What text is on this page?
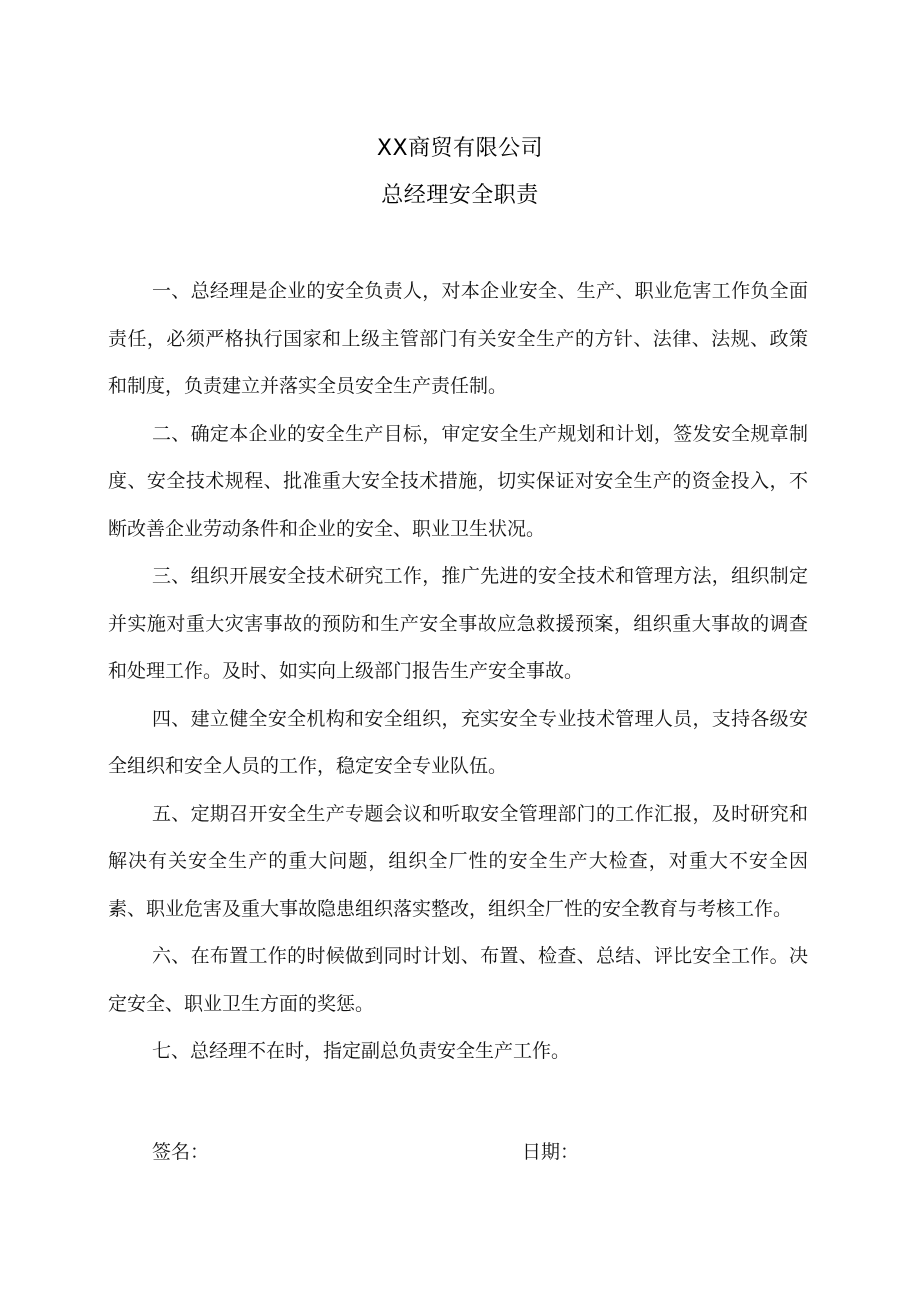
XX商贸有限公司
总经理安全职责

一、总经理是企业的安全负责人，对本企业安全、生产、职业危害工作负全面责任，必须严格执行国家和上级主管部门有关安全生产的方针、法律、法规、政策和制度，负责建立并落实全员安全生产责任制。

二、确定本企业的安全生产目标，审定安全生产规划和计划，签发安全规章制度、安全技术规程、批准重大安全技术措施，切实保证对安全生产的资金投入，不断改善企业劳动条件和企业的安全、职业卫生状况。

三、组织开展安全技术研究工作，推广先进的安全技术和管理方法，组织制定并实施对重大灾害事故的预防和生产安全事故应急救援预案，组织重大事故的调查和处理工作。及时、如实向上级部门报告生产安全事故。

四、建立健全安全机构和安全组织，充实安全专业技术管理人员，支持各级安全组织和安全人员的工作，稳定安全专业队伍。

五、定期召开安全生产专题会议和听取安全管理部门的工作汇报，及时研究和解决有关安全生产的重大问题，组织全厂性的安全生产大检查，对重大不安全因素、职业危害及重大事故隐患组织落实整改，组织全厂性的安全教育与考核工作。

六、在布置工作的时候做到同时计划、布置、检查、总结、评比安全工作。决定安全、职业卫生方面的奖惩。

七、总经理不在时，指定副总负责安全生产工作。

签名：	日期：
